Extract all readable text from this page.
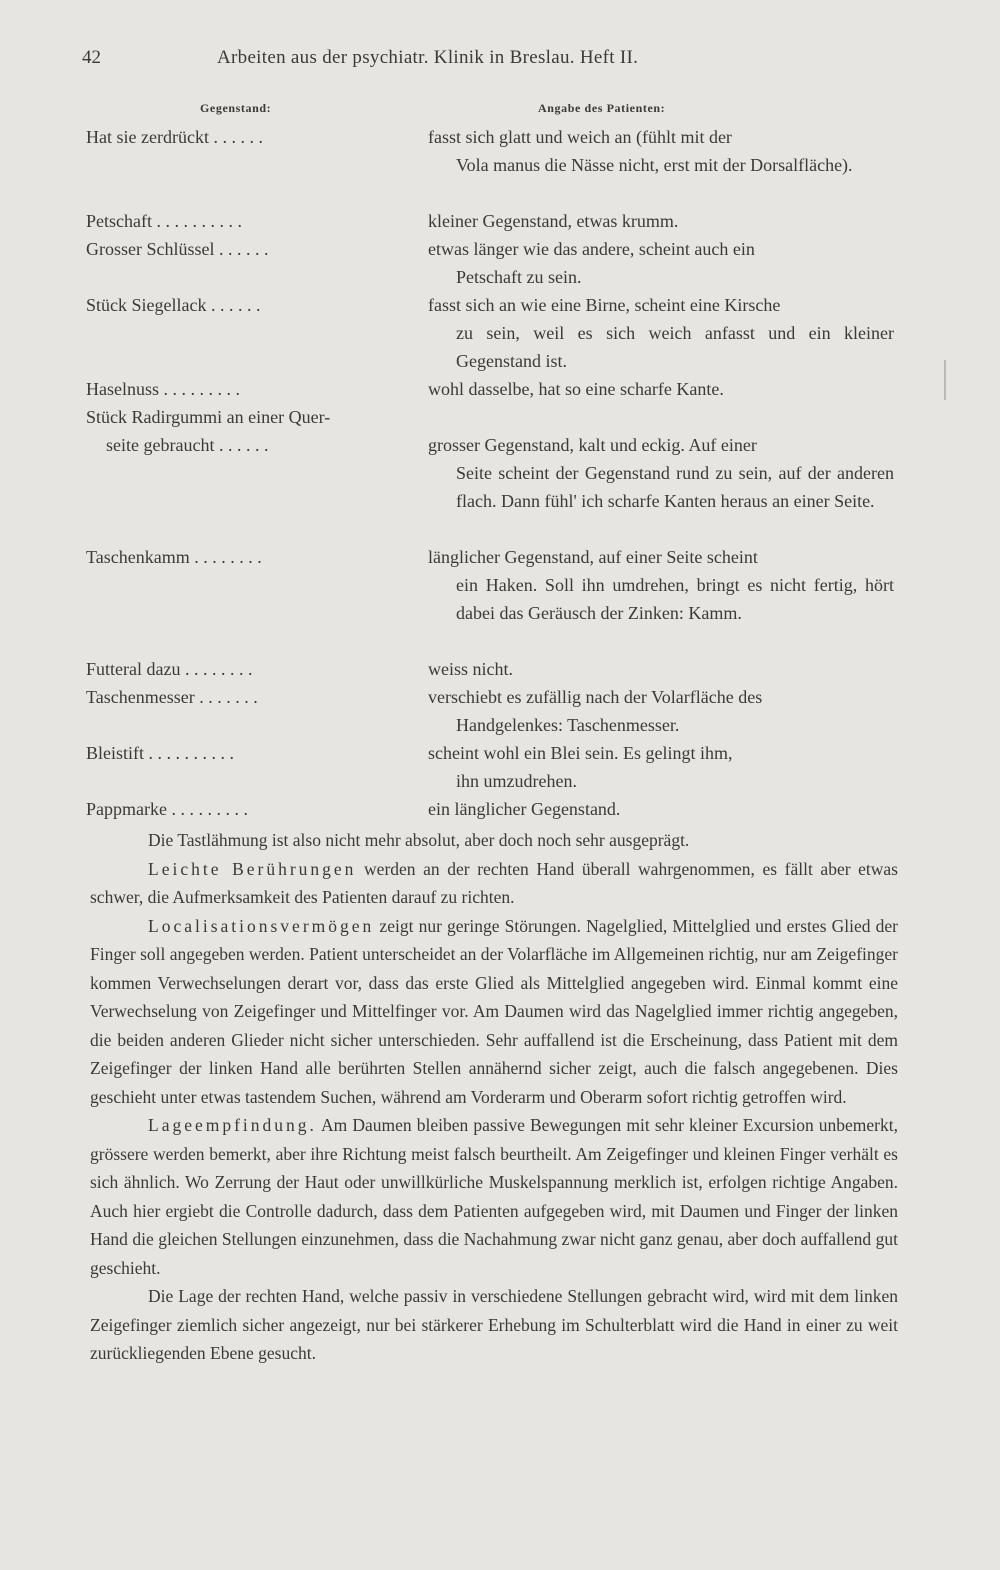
42	Arbeiten aus der psychiatr. Klinik in Breslau. Heft II.
Gegenstand:	Angabe des Patienten:
Hat sie zerdrückt . . . . . .	fasst sich glatt und weich an (fühlt mit der
Vola manus die Nässe nicht, erst mit der Dorsalfläche).
Petschaft . . . . . . . . . .	kleiner Gegenstand, etwas krumm.
Grosser Schlüssel . . . . . .	etwas länger wie das andere, scheint auch ein
Petschaft zu sein.
Stück Siegellack . . . . . .	fasst sich an wie eine Birne, scheint eine Kirsche
zu sein, weil es sich weich anfasst und ein kleiner Gegenstand ist.
Haselnuss . . . . . . . . .	wohl dasselbe, hat so eine scharfe Kante.
Stück Radirgummi an einer Quer-
seite gebraucht . . . . . .	grosser Gegenstand, kalt und eckig. Auf einer
Seite scheint der Gegenstand rund zu sein, auf der anderen flach. Dann fühl' ich scharfe Kanten heraus an einer Seite.
Taschenkamm . . . . . . . .	länglicher Gegenstand, auf einer Seite scheint
ein Haken. Soll ihn umdrehen, bringt es nicht fertig, hört dabei das Geräusch der Zinken: Kamm.
Futteral dazu . . . . . . . .	weiss nicht.
Taschenmesser . . . . . . .	verschiebt es zufällig nach der Volarfläche des
Handgelenkes: Taschenmesser.
Bleistift . . . . . . . . . .	scheint wohl ein Blei sein. Es gelingt ihm,
ihn umzudrehen.
Pappmarke . . . . . . . . .	ein länglicher Gegenstand.

Die Tastlähmung ist also nicht mehr absolut, aber doch noch sehr ausgeprägt.

Leichte Berührungen werden an der rechten Hand überall wahrgenommen, es fällt aber etwas schwer, die Aufmerksamkeit des Patienten darauf zu richten.

Localisationsvermögen zeigt nur geringe Störungen. Nagelglied, Mittelglied und erstes Glied der Finger soll angegeben werden. Patient unterscheidet an der Volarfläche im Allgemeinen richtig, nur am Zeigefinger kommen Verwechselungen derart vor, dass das erste Glied als Mittelglied angegeben wird. Einmal kommt eine Verwechselung von Zeigefinger und Mittelfinger vor. Am Daumen wird das Nagelglied immer richtig angegeben, die beiden anderen Glieder nicht sicher unterschieden. Sehr auffallend ist die Erscheinung, dass Patient mit dem Zeigefinger der linken Hand alle berührten Stellen annähernd sicher zeigt, auch die falsch angegebenen. Dies geschieht unter etwas tastendem Suchen, während am Vorderarm und Oberarm sofort richtig getroffen wird.

Lageempfindung. Am Daumen bleiben passive Bewegungen mit sehr kleiner Excursion unbemerkt, grössere werden bemerkt, aber ihre Richtung meist falsch beurtheilt. Am Zeigefinger und kleinen Finger verhält es sich ähnlich. Wo Zerrung der Haut oder unwillkürliche Muskelspannung merklich ist, erfolgen richtige Angaben. Auch hier ergiebt die Controlle dadurch, dass dem Patienten aufgegeben wird, mit Daumen und Finger der linken Hand die gleichen Stellungen einzunehmen, dass die Nachahmung zwar nicht ganz genau, aber doch auffallend gut geschieht.

Die Lage der rechten Hand, welche passiv in verschiedene Stellungen gebracht wird, wird mit dem linken Zeigefinger ziemlich sicher angezeigt, nur bei stärkerer Erhebung im Schulterblatt wird die Hand in einer zu weit zurückliegenden Ebene gesucht.
